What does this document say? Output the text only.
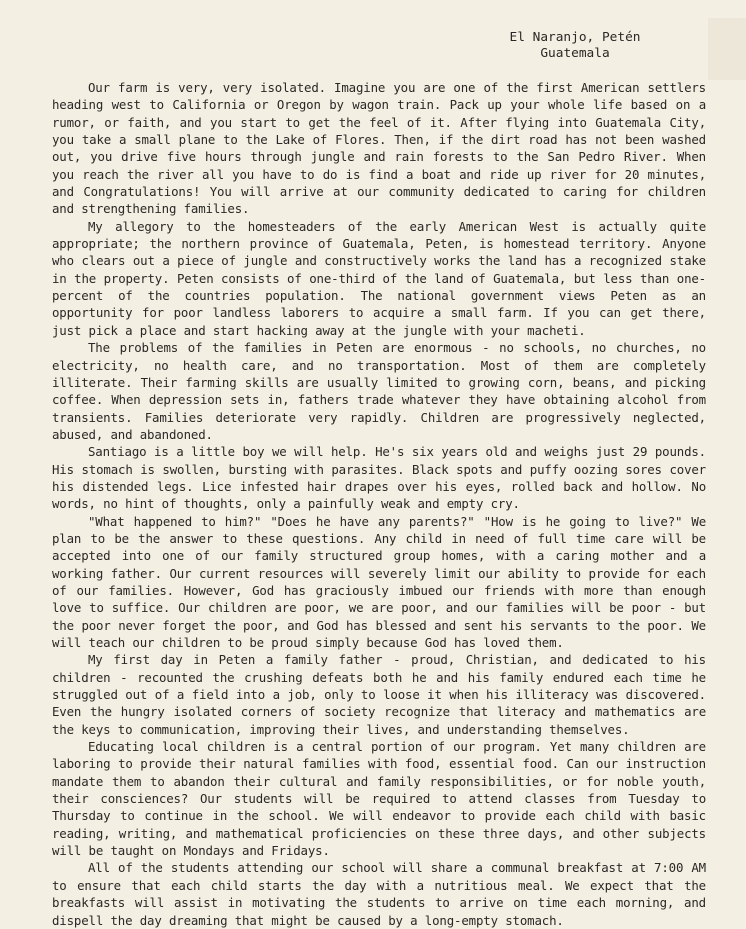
El Naranjo, Petén
Guatemala

Our farm is very, very isolated. Imagine you are one of the first American settlers heading west to California or Oregon by wagon train. Pack up your whole life based on a rumor, or faith, and you start to get the feel of it. After flying into Guatemala City, you take a small plane to the Lake of Flores. Then, if the dirt road has not been washed out, you drive five hours through jungle and rain forests to the San Pedro River. When you reach the river all you have to do is find a boat and ride up river for 20 minutes, and Congratulations! You will arrive at our community dedicated to caring for children and strengthening families.

My allegory to the homesteaders of the early American West is actually quite appropriate; the northern province of Guatemala, Peten, is homestead territory. Anyone who clears out a piece of jungle and constructively works the land has a recognized stake in the property. Peten consists of one-third of the land of Guatemala, but less than one-percent of the countries population. The national government views Peten as an opportunity for poor landless laborers to acquire a small farm. If you can get there, just pick a place and start hacking away at the jungle with your macheti.

The problems of the families in Peten are enormous - no schools, no churches, no electricity, no health care, and no transportation. Most of them are completely illiterate. Their farming skills are usually limited to growing corn, beans, and picking coffee. When depression sets in, fathers trade whatever they have obtaining alcohol from transients. Families deteriorate very rapidly. Children are progressively neglected, abused, and abandoned.

Santiago is a little boy we will help. He's six years old and weighs just 29 pounds. His stomach is swollen, bursting with parasites. Black spots and puffy oozing sores cover his distended legs. Lice infested hair drapes over his eyes, rolled back and hollow. No words, no hint of thoughts, only a painfully weak and empty cry.

"What happened to him?" "Does he have any parents?" "How is he going to live?" We plan to be the answer to these questions. Any child in need of full time care will be accepted into one of our family structured group homes, with a caring mother and a working father. Our current resources will severely limit our ability to provide for each of our families. However, God has graciously imbued our friends with more than enough love to suffice. Our children are poor, we are poor, and our families will be poor - but the poor never forget the poor, and God has blessed and sent his servants to the poor. We will teach our children to be proud simply because God has loved them.

My first day in Peten a family father - proud, Christian, and dedicated to his children - recounted the crushing defeats both he and his family endured each time he struggled out of a field into a job, only to loose it when his illiteracy was discovered. Even the hungry isolated corners of society recognize that literacy and mathematics are the keys to communication, improving their lives, and understanding themselves.

Educating local children is a central portion of our program. Yet many children are laboring to provide their natural families with food, essential food. Can our instruction mandate them to abandon their cultural and family responsibilities, or for noble youth, their consciences? Our students will be required to attend classes from Tuesday to Thursday to continue in the school. We will endeavor to provide each child with basic reading, writing, and mathematical proficiencies on these three days, and other subjects will be taught on Mondays and Fridays.

All of the students attending our school will share a communal breakfast at 7:00 AM to ensure that each child starts the day with a nutritious meal. We expect that the breakfasts will assist in motivating the students to arrive on time each morning, and dispell the day dreaming that might be caused by a long-empty stomach.
